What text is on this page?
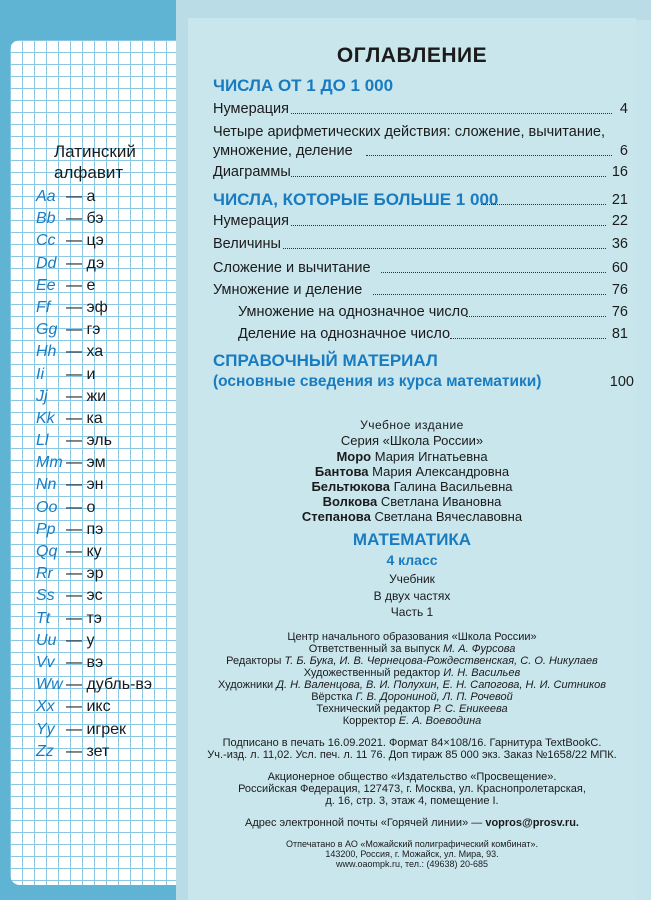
Латинский
алфавит
Aa — а
Bb — бэ
Cc — цэ
Dd — дэ
Ee — е
Ff — эф
Gg — гэ
Hh — ха
Ii — и
Jj — жи
Kk — ка
Ll — эль
Mm — эм
Nn — эн
Oo — о
Pp — пэ
Qq — ку
Rr — эр
Ss — эс
Tt — тэ
Uu — у
Vv — вэ
Ww — дубль-вэ
Xx — икс
Yy — игрек
Zz — зет
ОГЛАВЛЕНИЕ
ЧИСЛА ОТ 1 ДО 1 000
Нумерация	4
Четыре арифметических действия: сложение, вычитание,
умножение, деление	6
Диаграммы	16
ЧИСЛА, КОТОРЫЕ БОЛЬШЕ 1 000	21
Нумерация	22
Величины	36
Сложение и вычитание	60
Умножение и деление	76
Умножение на однозначное число	76
Деление на однозначное число	81
СПРАВОЧНЫЙ МАТЕРИАЛ
(основные сведения из курса математики)	100
Учебное издание
Серия «Школа России»
Моро Мария Игнатьевна
Бантова Мария Александровна
Бельтюкова Галина Васильевна
Волкова Светлана Ивановна
Степанова Светлана Вячеславовна
МАТЕМАТИКА
4 класс
Учебник
В двух частях
Часть 1
Центр начального образования «Школа России»
Ответственный за выпуск М. А. Фурсова
Редакторы Т. Б. Бука, И. В. Чернецова-Рождественская, С. О. Никулаев
Художественный редактор И. Н. Васильев
Художники Д. Н. Валенцова, В. И. Полухин, Е. Н. Сапогова, Н. И. Ситников
Вёрстка Г. В. Дорониной, Л. П. Рочевой
Технический редактор Р. С. Еникеева
Корректор Е. А. Воеводина
Подписано в печать 16.09.2021. Формат 84×108/16. Гарнитура TextBookC.
Уч.-изд. л. 11,02. Усл. печ. л. 11 76. Доп тираж 85 000 экз. Заказ №1658/22 МПК.
Акционерное общество «Издательство «Просвещение».
Российская Федерация, 127473, г. Москва, ул. Краснопролетарская,
д. 16, стр. 3, этаж 4, помещение I.
Адрес электронной почты «Горячей линии» — vopros@prosv.ru.
Отпечатано в АО «Можайский полиграфический комбинат».
143200, Россия, г. Можайск, ул. Мира, 93.
www.oaompk.ru, тел.: (49638) 20-685
